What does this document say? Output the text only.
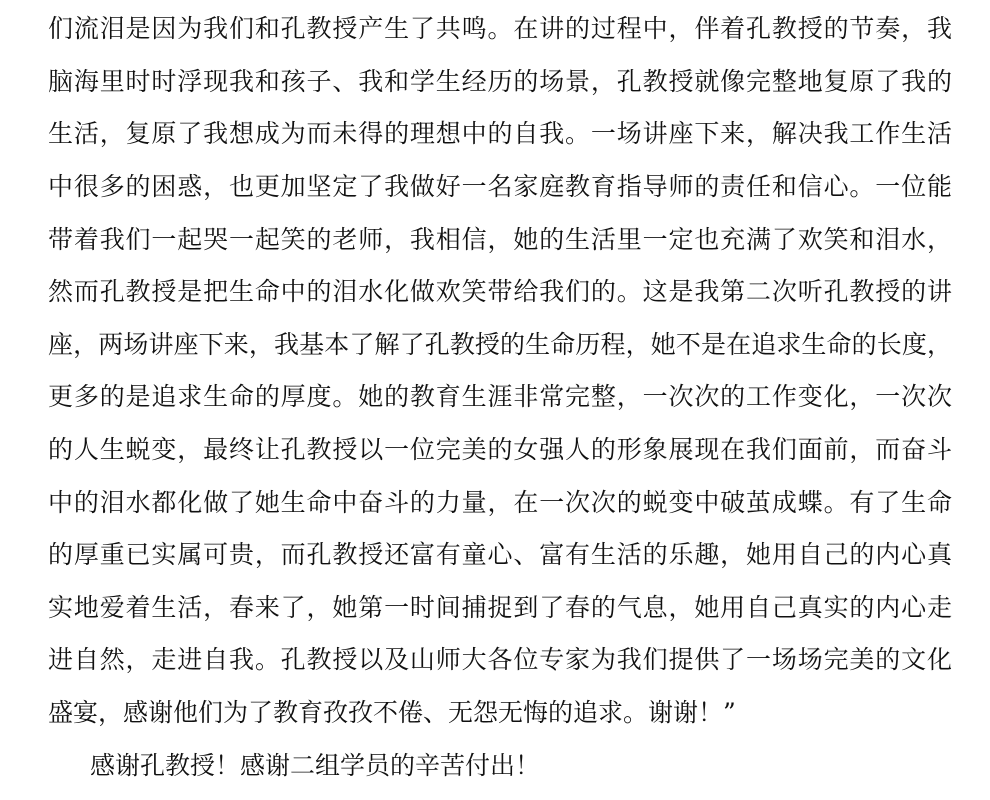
们流泪是因为我们和孔教授产生了共鸣。在讲的过程中，伴着孔教授的节奏，我
脑海里时时浮现我和孩子、我和学生经历的场景，孔教授就像完整地复原了我的
生活，复原了我想成为而未得的理想中的自我。一场讲座下来，解决我工作生活
中很多的困惑，也更加坚定了我做好一名家庭教育指导师的责任和信心。一位能
带着我们一起哭一起笑的老师，我相信，她的生活里一定也充满了欢笑和泪水，
然而孔教授是把生命中的泪水化做欢笑带给我们的。这是我第二次听孔教授的讲
座，两场讲座下来，我基本了解了孔教授的生命历程，她不是在追求生命的长度，
更多的是追求生命的厚度。她的教育生涯非常完整，一次次的工作变化，一次次
的人生蜕变，最终让孔教授以一位完美的女强人的形象展现在我们面前，而奋斗
中的泪水都化做了她生命中奋斗的力量，在一次次的蜕变中破茧成蝶。有了生命
的厚重已实属可贵，而孔教授还富有童心、富有生活的乐趣，她用自己的内心真
实地爱着生活，春来了，她第一时间捕捉到了春的气息，她用自己真实的内心走
进自然，走进自我。孔教授以及山师大各位专家为我们提供了一场场完美的文化
盛宴，感谢他们为了教育孜孜不倦、无怨无悔的追求。谢谢！”
感谢孔教授！感谢二组学员的辛苦付出！
